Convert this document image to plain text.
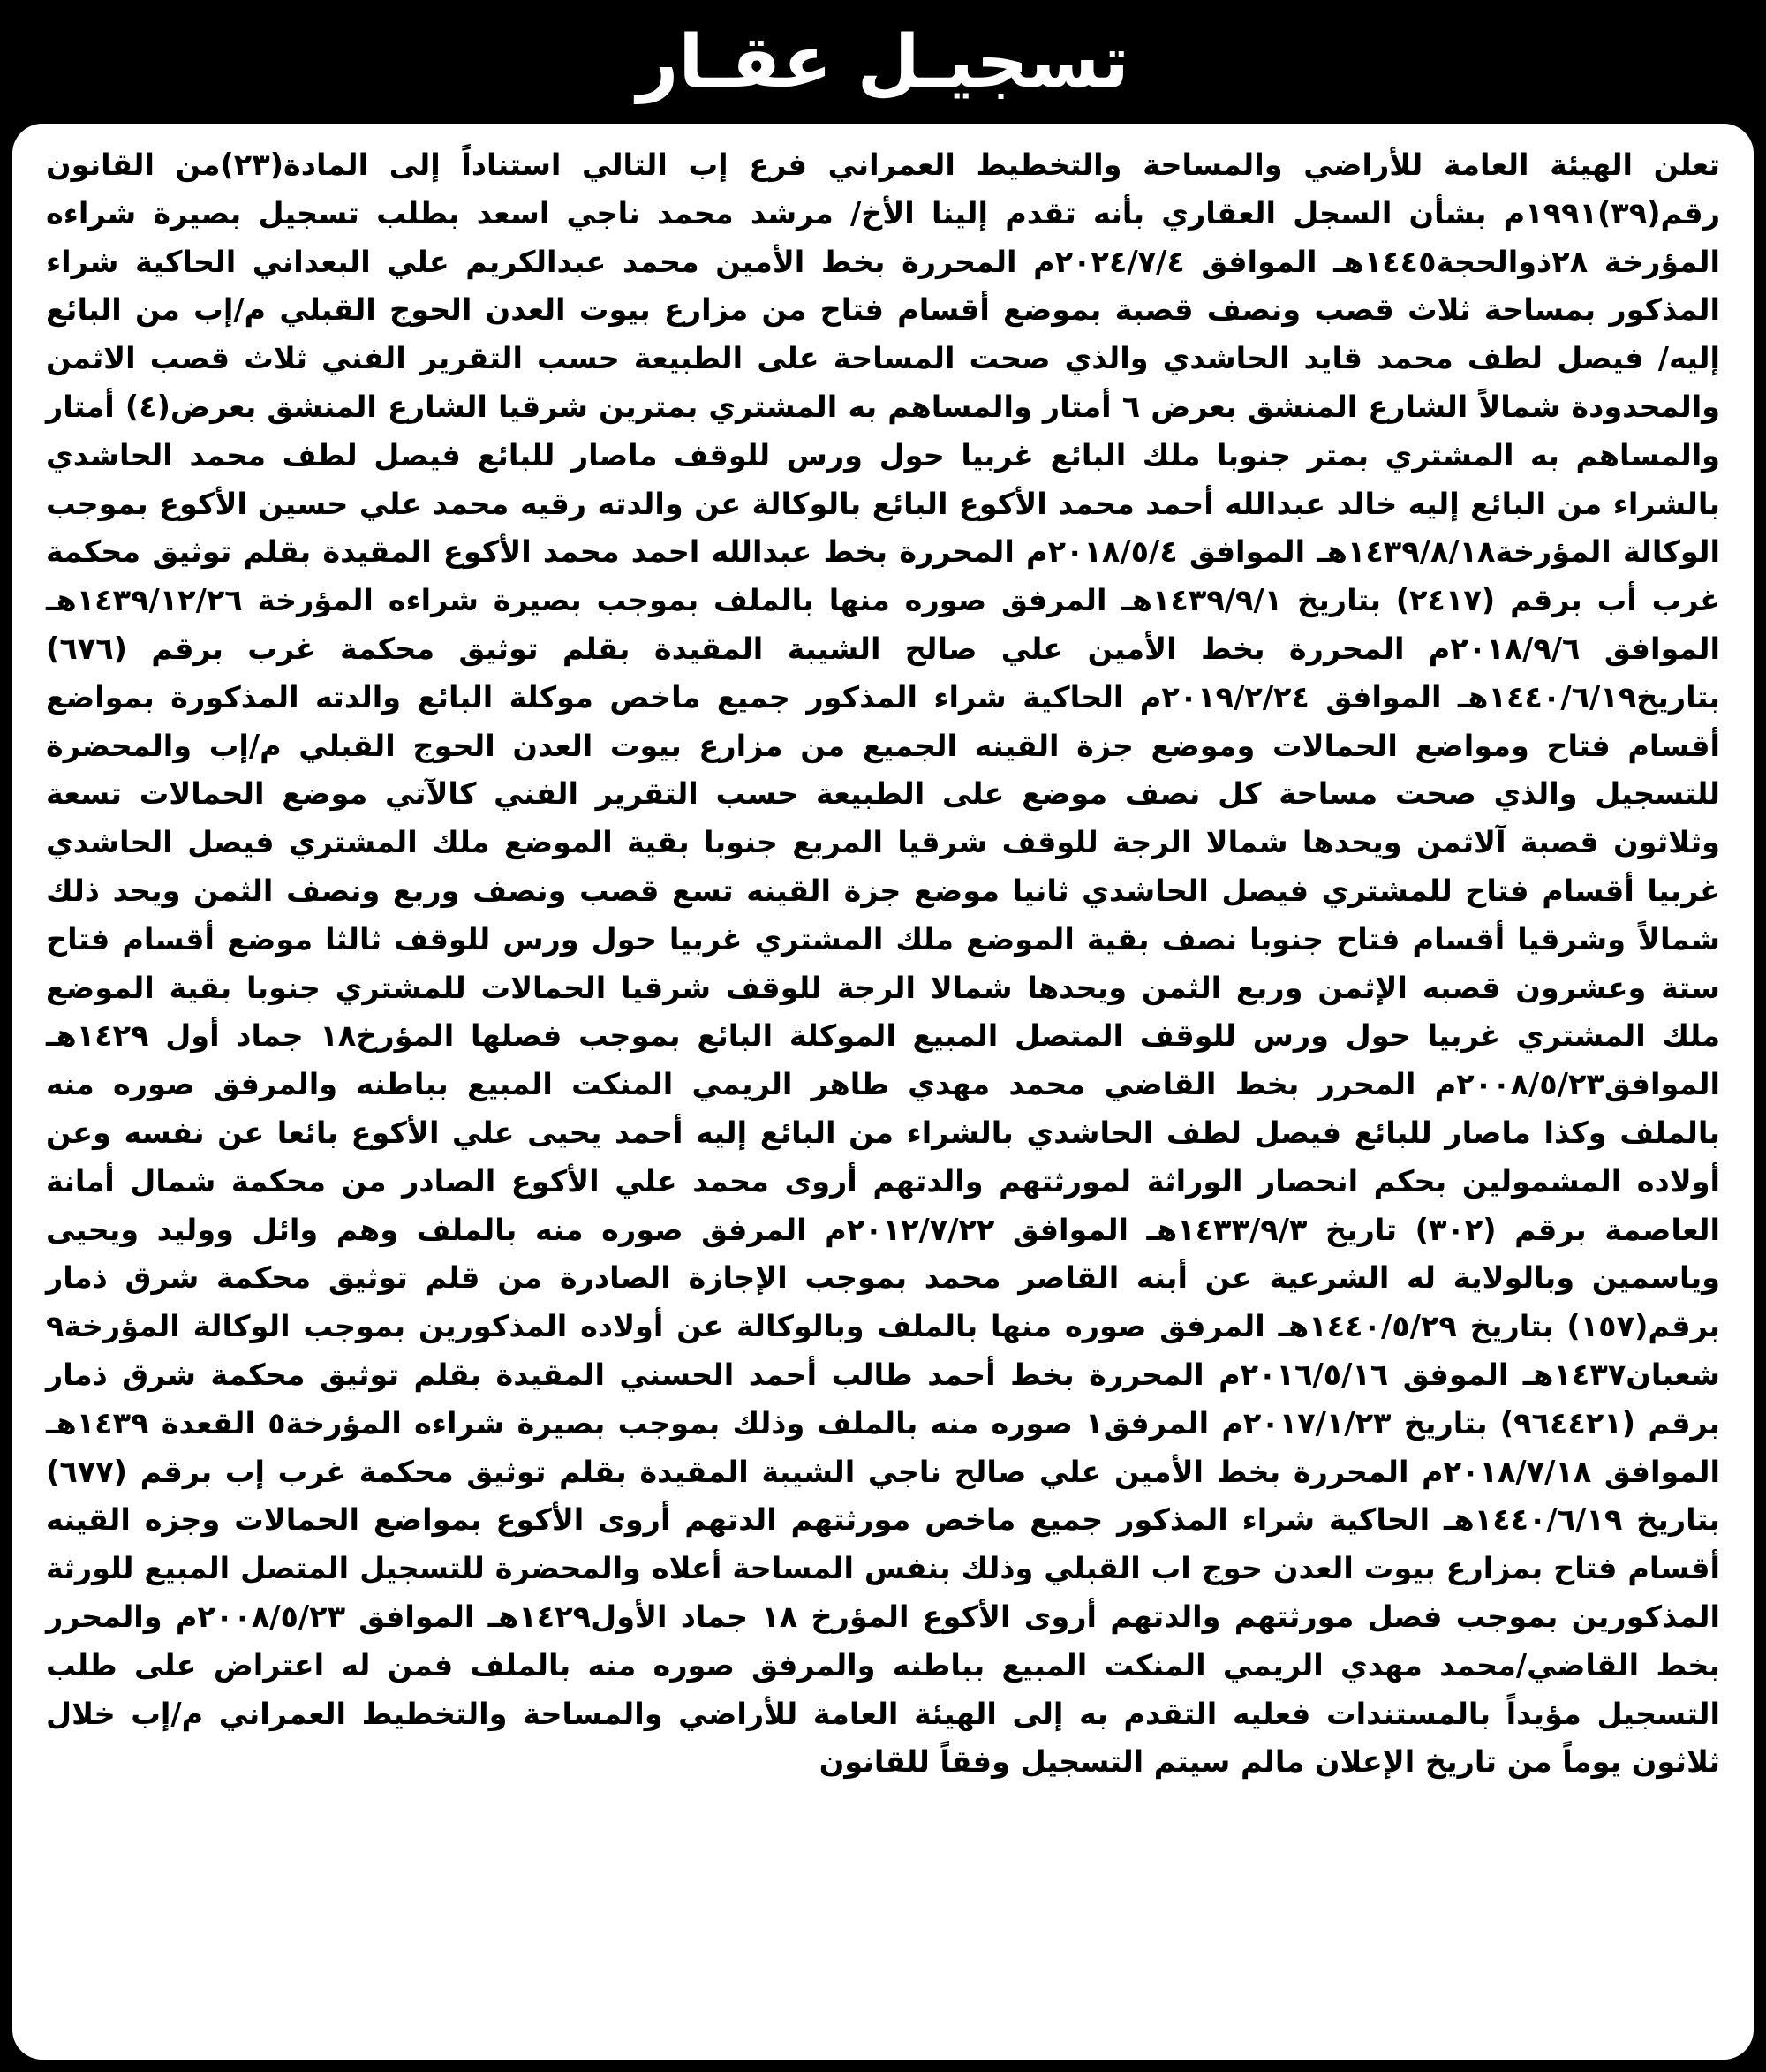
تسجيـل عقـار

تعلن الهيئة العامة للأراضي والمساحة والتخطيط العمراني فرع إب التالي استناداً إلى المادة(٢٣)من القانون رقم(٣٩)١٩٩١م بشأن السجل العقاري بأنه تقدم إلينا الأخ/ مرشد محمد ناجي اسعد بطلب تسجيل بصيرة شراءه المؤرخة ٢٨ذوالحجة١٤٤٥هـ الموافق ٢٠٢٤/٧/٤م المحررة بخط الأمين محمد عبدالكريم علي البعداني الحاكية شراء المذكور بمساحة ثلاث قصب ونصف قصبة بموضع أقسام فتاح من مزارع بيوت العدن الحوج القبلي م/إب من البائع إليه/ فيصل لطف محمد قايد الحاشدي والذي صحت المساحة على الطبيعة حسب التقرير الفني ثلاث قصب الاثمن والمحدودة شمالاً الشارع المنشق بعرض ٦ أمتار والمساهم به المشتري بمترين شرقيا الشارع المنشق بعرض(٤) أمتار والمساهم به المشتري بمتر جنوبا ملك البائع غربيا حول ورس للوقف ماصار للبائع فيصل لطف محمد الحاشدي بالشراء من البائع إليه خالد عبدالله أحمد محمد الأكوع البائع بالوكالة عن والدته رقيه محمد علي حسين الأكوع بموجب الوكالة المؤرخة١٤٣٩/٨/١٨هـ الموافق ٢٠١٨/٥/٤م المحررة بخط عبدالله احمد محمد الأكوع المقيدة بقلم توثيق محكمة غرب أب برقم (٢٤١٧) بتاريخ ١٤٣٩/٩/١هـ المرفق صوره منها بالملف بموجب بصيرة شراءه المؤرخة ١٤٣٩/١٢/٢٦هـ الموافق ٢٠١٨/٩/٦م المحررة بخط الأمين علي صالح الشيبة المقيدة بقلم توثيق محكمة غرب برقم (٦٧٦) بتاريخ١٤٤٠/٦/١٩هـ الموافق ٢٠١٩/٢/٢٤م الحاكية شراء المذكور جميع ماخص موكلة البائع والدته المذكورة بمواضع أقسام فتاح ومواضع الحمالات وموضع جزة القينه الجميع من مزارع بيوت العدن الحوج القبلي م/إب والمحضرة للتسجيل والذي صحت مساحة كل نصف موضع على الطبيعة حسب التقرير الفني كالآتي موضع الحمالات تسعة وثلاثون قصبة آلاثمن ويحدها شمالا الرجة للوقف شرقيا المربع جنوبا بقية الموضع ملك المشتري فيصل الحاشدي غربيا أقسام فتاح للمشتري فيصل الحاشدي ثانيا موضع جزة القينه تسع قصب ونصف وربع ونصف الثمن ويحد ذلك شمالاً وشرقيا أقسام فتاح جنوبا نصف بقية الموضع ملك المشتري غربيا حول ورس للوقف ثالثا موضع أقسام فتاح ستة وعشرون قصبه الإثمن وربع الثمن ويحدها شمالا الرجة للوقف شرقيا الحمالات للمشتري جنوبا بقية الموضع ملك المشتري غربيا حول ورس للوقف المتصل المبيع الموكلة البائع بموجب فصلها المؤرخ١٨ جماد أول ١٤٢٩هـ الموافق٢٠٠٨/٥/٢٣م المحرر بخط القاضي محمد مهدي طاهر الريمي المنكت المبيع بباطنه والمرفق صوره منه بالملف وكذا ماصار للبائع فيصل لطف الحاشدي بالشراء من البائع إليه أحمد يحيى علي الأكوع بائعا عن نفسه وعن أولاده المشمولين بحكم انحصار الوراثة لمورثتهم والدتهم أروى محمد علي الأكوع الصادر من محكمة شمال أمانة العاصمة برقم (٣٠٢) تاريخ ١٤٣٣/٩/٣هـ الموافق ٢٠١٢/٧/٢٢م المرفق صوره منه بالملف وهم وائل ووليد ويحيى وياسمين وبالولاية له الشرعية عن أبنه القاصر محمد بموجب الإجازة الصادرة من قلم توثيق محكمة شرق ذمار برقم(١٥٧) بتاريخ ١٤٤٠/٥/٢٩هـ المرفق صوره منها بالملف وبالوكالة عن أولاده المذكورين بموجب الوكالة المؤرخة٩ شعبان١٤٣٧هـ الموفق ٢٠١٦/٥/١٦م المحررة بخط أحمد طالب أحمد الحسني المقيدة بقلم توثيق محكمة شرق ذمار برقم (٩٦٤٤٢١) بتاريخ ٢٠١٧/١/٢٣م المرفق١ صوره منه بالملف وذلك بموجب بصيرة شراءه المؤرخة٥ القعدة ١٤٣٩هـ الموافق ٢٠١٨/٧/١٨م المحررة بخط الأمين علي صالح ناجي الشيبة المقيدة بقلم توثيق محكمة غرب إب برقم (٦٧٧) بتاريخ ١٤٤٠/٦/١٩هـ الحاكية شراء المذكور جميع ماخص مورثتهم الدتهم أروى الأكوع بمواضع الحمالات وجزه القينه أقسام فتاح بمزارع بيوت العدن حوج اب القبلي وذلك بنفس المساحة أعلاه والمحضرة للتسجيل المتصل المبيع للورثة المذكورين بموجب فصل مورثتهم والدتهم أروى الأكوع المؤرخ ١٨ جماد الأول١٤٢٩هـ الموافق ٢٠٠٨/٥/٢٣م والمحرر بخط القاضي/محمد مهدي الريمي المنكت المبيع بباطنه والمرفق صوره منه بالملف فمن له اعتراض على طلب التسجيل مؤيداً بالمستندات فعليه التقدم به إلى الهيئة العامة للأراضي والمساحة والتخطيط العمراني م/إب خلال ثلاثون يوماً من تاريخ الإعلان مالم سيتم التسجيل وفقاً للقانون
